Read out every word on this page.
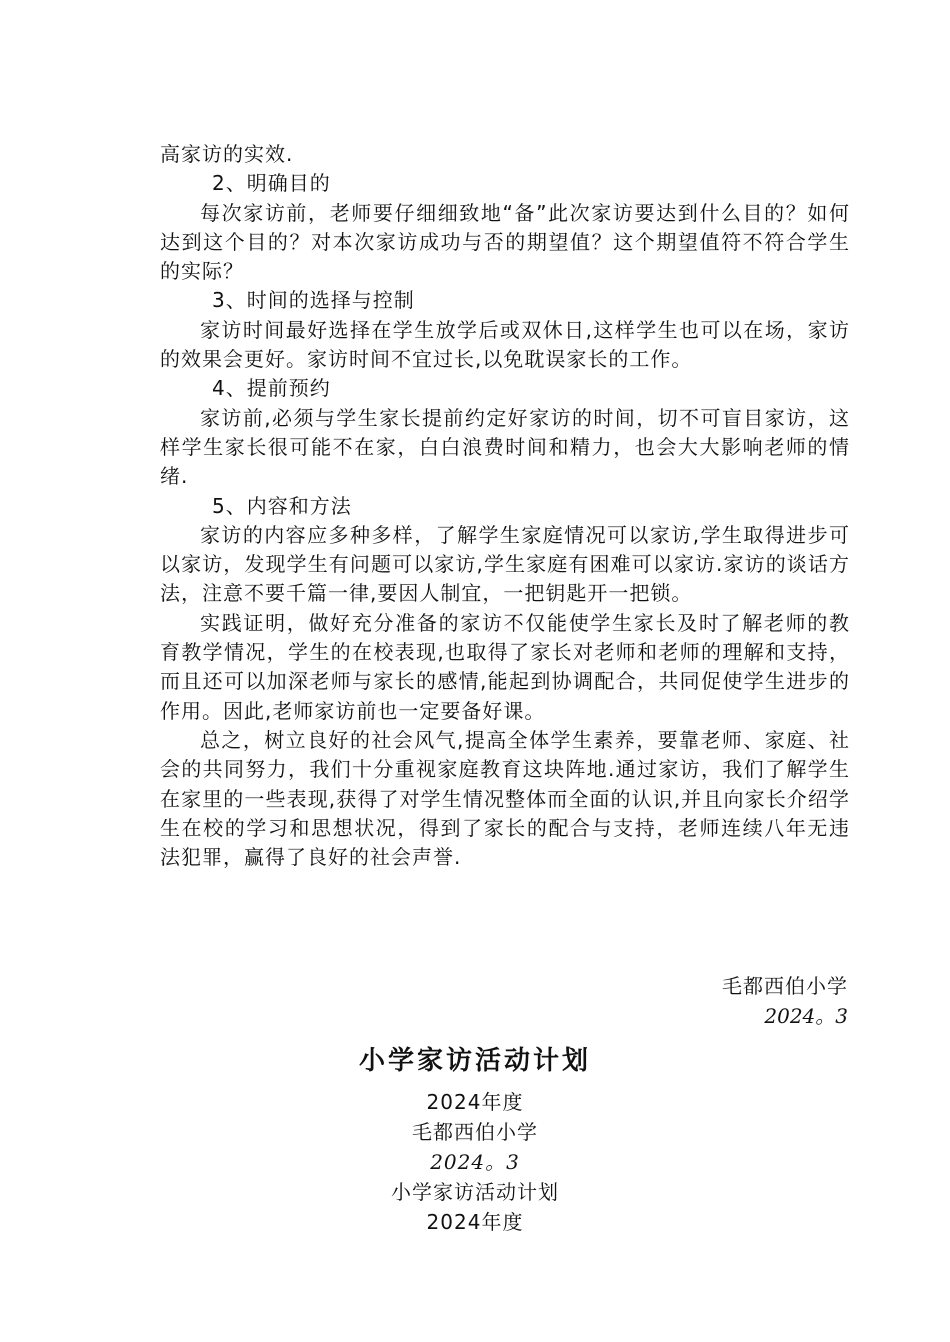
高家访的实效.

2、明确目的

每次家访前，老师要仔细细致地“备”此次家访要达到什么目的？如何达到这个目的？对本次家访成功与否的期望值？这个期望值符不符合学生的实际？

3、时间的选择与控制

家访时间最好选择在学生放学后或双休日,这样学生也可以在场，家访的效果会更好。家访时间不宜过长,以免耽误家长的工作。

4、提前预约

家访前,必须与学生家长提前约定好家访的时间，切不可盲目家访，这样学生家长很可能不在家，白白浪费时间和精力，也会大大影响老师的情绪.

5、内容和方法

家访的内容应多种多样，了解学生家庭情况可以家访,学生取得进步可以家访，发现学生有问题可以家访,学生家庭有困难可以家访.家访的谈话方法，注意不要千篇一律,要因人制宜，一把钥匙开一把锁。

实践证明，做好充分准备的家访不仅能使学生家长及时了解老师的教育教学情况，学生的在校表现,也取得了家长对老师和老师的理解和支持，而且还可以加深老师与家长的感情,能起到协调配合，共同促使学生进步的作用。因此,老师家访前也一定要备好课。

总之，树立良好的社会风气,提高全体学生素养，要靠老师、家庭、社会的共同努力，我们十分重视家庭教育这块阵地.通过家访，我们了解学生在家里的一些表现,获得了对学生情况整体而全面的认识,并且向家长介绍学生在校的学习和思想状况，得到了家长的配合与支持，老师连续八年无违法犯罪，赢得了良好的社会声誉.

毛都西伯小学
2024。3
小学家访活动计划
2024年度
毛都西伯小学
2024。3
小学家访活动计划
2024年度
